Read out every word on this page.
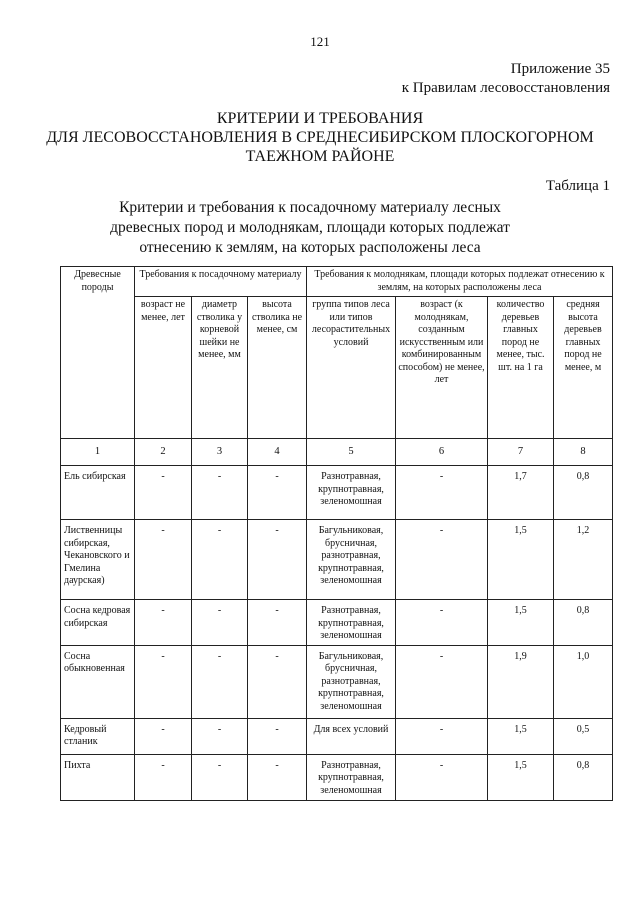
121
Приложение 35
к Правилам лесовосстановления
КРИТЕРИИ И ТРЕБОВАНИЯ
ДЛЯ ЛЕСОВОССТАНОВЛЕНИЯ В СРЕДНЕСИБИРСКОМ ПЛОСКОГОРНОМ
ТАЕЖНОМ РАЙОНЕ
Таблица 1
Критерии и требования к посадочному материалу лесных
древесных пород и молоднякам, площади которых подлежат
отнесению к землям, на которых расположены леса
Древесные породы	Требования к посадочному материалу			Требования к молоднякам, площади которых подлежат отнесению к землям, на которых расположены леса			
	возраст не менее, лет	диаметр стволика у корневой шейки не менее, мм	высота стволика не менее, см	группа типов леса или типов лесорастительных условий	возраст (к молоднякам, созданным искусственным или комбинированным способом) не менее, лет	количество деревьев главных пород не менее, тыс. шт. на 1 га	средняя высота деревьев главных пород не менее, м
1	2	3	4	5	6	7	8
Ель сибирская	-	-	-	Разнотравная, крупнотравная, зеленомошная	-	1,7	0,8
Лиственницы сибирская, Чекановского и Гмелина даурская)	-	-	-	Багульниковая, брусничная, разнотравная, крупнотравная, зеленомошная	-	1,5	1,2
Сосна кедровая сибирская	-	-	-	Разнотравная, крупнотравная, зеленомошная	-	1,5	0,8
Сосна обыкновенная	-	-	-	Багульниковая, брусничная, разнотравная, крупнотравная, зеленомошная	-	1,9	1,0
Кедровый стланик	-	-	-	Для всех условий	-	1,5	0,5
Пихта	-	-	-	Разнотравная, крупнотравная, зеленомошная	-	1,5	0,8
